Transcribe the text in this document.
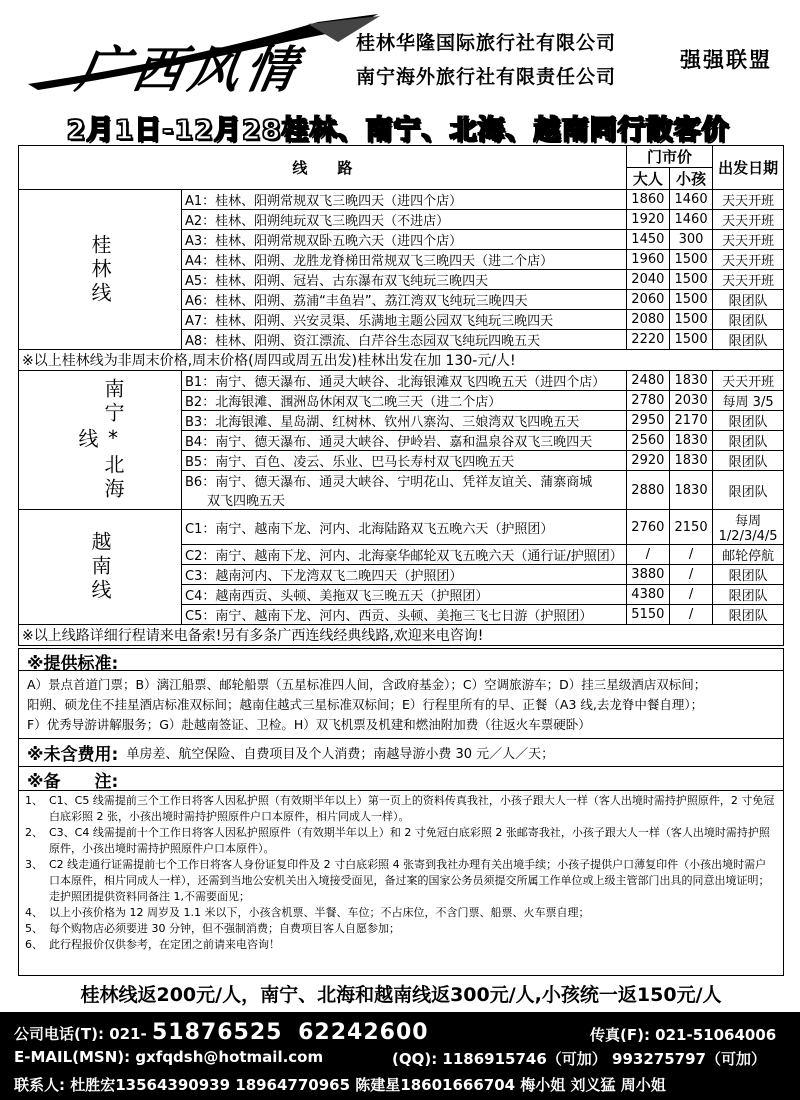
广西风情	桂林华隆国际旅行社有限公司
南宁海外旅行社有限责任公司
强强联盟
2月1日-12月28桂林、南宁、北海、越南同行散客价
线　　路		门市价		出发日期
		大人	小孩	
桂林线	A1：桂林、阳朔常规双飞三晚四天（进四个店）	1860	1460	天天开班

	A2：桂林、阳朔纯玩双飞三晚四天（不进店）	1920	1460	天天开班

	A3：桂林、阳朔常规双卧五晚六天（进四个店）	1450	300	天天开班

	A4：桂林、阳朔、龙胜龙脊梯田常规双飞三晚四天（进二个店）	1960	1500	天天开班

	A5：桂林、阳朔、冠岩、古东瀑布双飞纯玩三晚四天	2040	1500	天天开班

	A6：桂林、阳朔、荔浦“丰鱼岩”、荔江湾双飞纯玩三晚四天	2060	1500	限团队

	A7：桂林、阳朔、兴安灵渠、乐满地主题公园双飞纯玩三晚四天	2080	1500	限团队

	A8：桂林、阳朔、资江漂流、白芹谷生态园双飞纯玩四晚五天	2220	1500	限团队
※以上桂林线为非周末价格,周末价格(周四或周五出发)桂林出发在加 130-元/人!				
南宁*北海线	B1：南宁、德天瀑布、通灵大峡谷、北海银滩双飞四晚五天（进四个店）	2480	1830	天天开班

	B2：北海银滩、涠洲岛休闲双飞二晚三天（进二个店）	2780	2030	每周 3/5

	B3：北海银滩、星岛湖、红树林、钦州八寨沟、三娘湾双飞四晚五天	2950	2170	限团队

	B4：南宁、德天瀑布、通灵大峡谷、伊岭岩、嘉和温泉谷双飞三晚四天	2560	1830	限团队

	B5：南宁、百色、凌云、乐业、巴马长寿村双飞四晚五天	2920	1830	限团队

	B6：南宁、德天瀑布、通灵大峡谷、宁明花山、凭祥友谊关、蒲寨商城
双飞四晚五天	2880	1830	限团队
越南线	C1：南宁、越南下龙、河内、北海陆路双飞五晚六天（护照团）	2760	2150	每周 1/2/3/4/5

	C2：南宁、越南下龙、河内、北海豪华邮轮双飞五晚六天（通行证/护照团）	/	/	邮轮停航

	C3：越南河内、下龙湾双飞二晚四天（护照团）	3880	/	限团队

	C4：越南西贡、头顿、美拖双飞三晚五天（护照团）	4380	/	限团队

	C5：南宁、越南下龙、河内、西贡、头顿、美拖三飞七日游（护照团）	5150	/	限团队
※以上线路详细行程请来电备索!另有多条广西连线经典线路,欢迎来电咨询!				
※提供标准:
A）景点首道门票；B）漓江船票、邮轮船票（五星标准四人间，含政府基金）；C）空调旅游车；D）挂三星级酒店双标间；
阳朔、硕龙住不挂星酒店标准双标间；越南住越式三星标准双标间；E）行程里所有的早、正餐（A3 线,去龙脊中餐自理）；
F）优秀导游讲解服务；G）赴越南签证、卫检。H）双飞机票及机建和燃油附加费（往返火车票硬卧）
※未含费用: 单房差、航空保险、自费项目及个人消费；南越导游小费 30 元／人／天；
※备　　注:
1、 C1、C5 线需提前三个工作日将客人因私护照（有效期半年以上）第一页上的资料传真我社，小孩子跟大人一样（客人出境时需持护照原件，2 寸免冠白底彩照 2 张，小孩出境时需持护照原件户口本原件，相片同成人一样）。
2、 C3、C4 线需提前十个工作日将客人因私护照原件（有效期半年以上）和 2 寸免冠白底彩照 2 张邮寄我社，小孩子跟大人一样（客人出境时需持护照原件，小孩出境时需持护照原件户口本原件）。
3、 C2 线走通行证需提前七个工作日将客人身份证复印件及 2 寸白底彩照 4 张寄到我社办理有关出境手续；小孩子提供户口薄复印件（小孩出境时需户口本原件，相片同成人一样），还需到当地公安机关出入境接受面见，备过案的国家公务员须提交所属工作单位或上级主管部门出具的同意出境证明；走护照团提供资料同备注 1,不需要面见；
4、 以上小孩价格为 12 周岁及 1.1 米以下，小孩含机票、半餐、车位；不占床位，不含门票、船票、火车票自理；
5、 每个购物店必须要进 30 分钟，但不强制消费；自费项目客人自愿参加；
6、 此行程报价仅供参考，在定团之前请来电咨询！
桂林线返200元/人，南宁、北海和越南线返300元/人,小孩统一返150元/人
公司电话(T): 021- 51876525 62242600	传真(F): 021-51064006
E-MAIL(MSN): gxfqdsh@hotmail.com	(QQ): 1186915746（可加） 993275797（可加）
联系人: 杜胜宏13564390939 18964770965 陈建星18601666704 梅小姐 刘义猛 周小姐
